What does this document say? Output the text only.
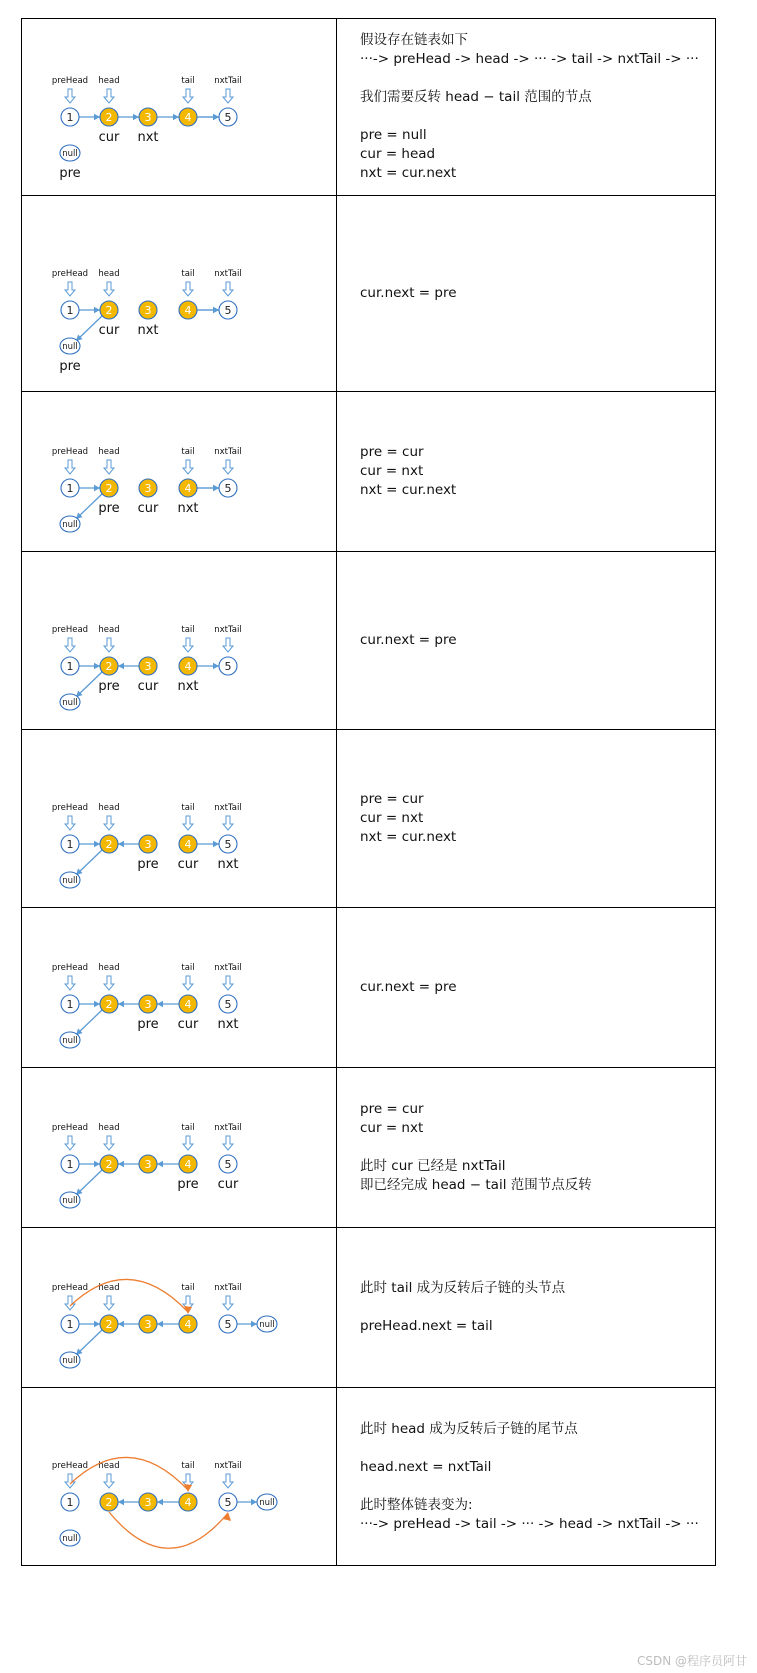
preHead head	tail nxtTail
1	2	3	4	5
null
cur nxt
pre
假设存在链表如下
···-> preHead -> head -> ··· -> tail -> nxtTail -> ···
我们需要反转 head − tail 范围的节点
pre = null
cur = head
nxt = cur.next
preHead head	tail nxtTail
1	2	3	4	5
null
cur nxt
pre
cur.next = pre
preHead head	tail nxtTail
1	2	3	4	5
null
pre cur nxt
pre = cur
cur = nxt
nxt = cur.next
preHead head	tail nxtTail
1	2	3	4	5
null
pre cur nxt
cur.next = pre
preHead head	tail nxtTail
1	2	3	4	5
null
pre cur nxt
pre = cur
cur = nxt
nxt = cur.next
preHead head	tail nxtTail
1	2	3	4	5
null
pre cur nxt
cur.next = pre
preHead head	tail nxtTail
1	2	3	4	5
null
pre cur
pre = cur
cur = nxt
此时 cur 已经是 nxtTail
即已经完成 head − tail 范围节点反转
preHead head	tail nxtTail
1	2	3	4	5
null
null
此时 tail 成为反转后子链的头节点
preHead.next = tail
preHead head	tail nxtTail
1	2	3	4	5
null
null
此时 head 成为反转后子链的尾节点
head.next = nxtTail
此时整体链表变为:
···-> preHead -> tail -> ··· -> head -> nxtTail -> ···
CSDN @程序员阿甘
